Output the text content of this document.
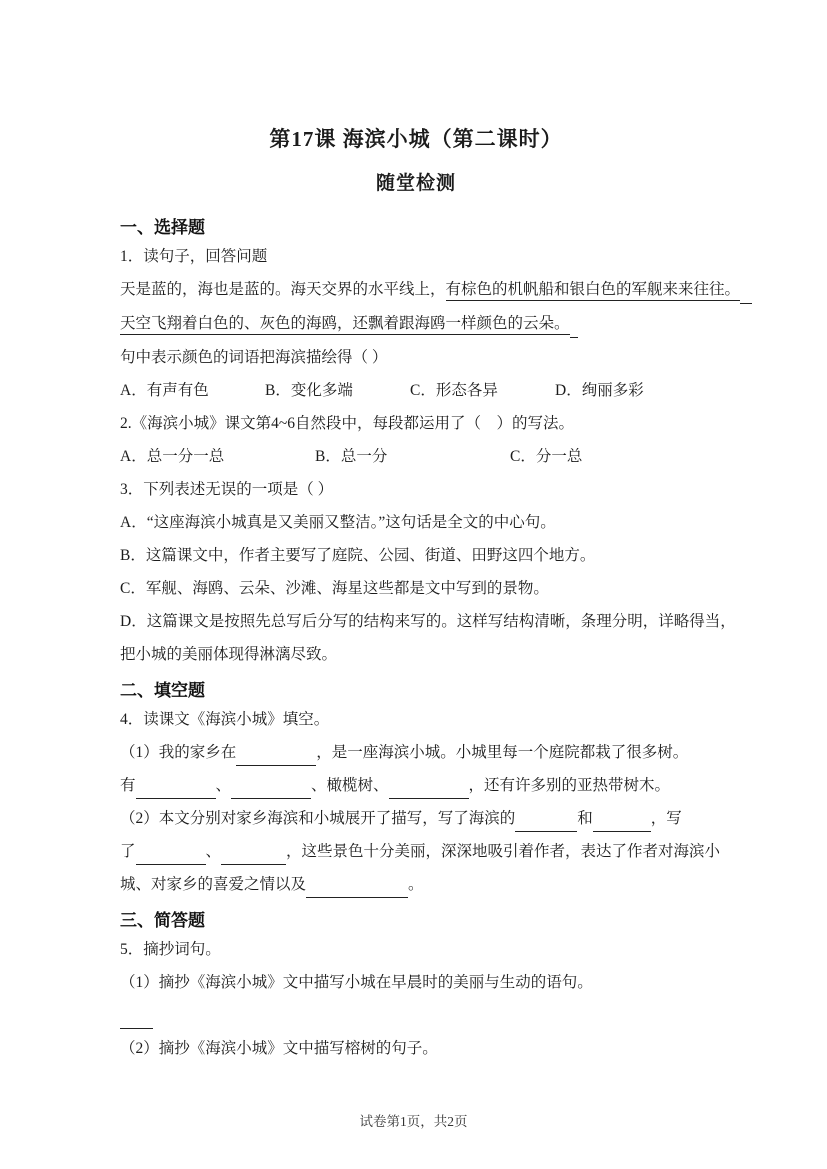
第17课 海滨小城（第二课时）
随堂检测
一、选择题

1．读句子，回答问题

天是蓝的，海也是蓝的。海天交界的水平线上，有棕色的机帆船和银白色的军舰来来往往。

天空飞翔着白色的、灰色的海鸥，还飘着跟海鸥一样颜色的云朵。

句中表示颜色的词语把海滨描绘得（ ）

A．有声有色	B．变化多端	C．形态各异	D．绚丽多彩

2.《海滨小城》课文第4~6自然段中，每段都运用了（　）的写法。

A．总一分一总	B．总一分	C．分一总

3．下列表述无误的一项是（ ）

A．“这座海滨小城真是又美丽又整洁。”这句话是全文的中心句。

B．这篇课文中，作者主要写了庭院、公园、街道、田野这四个地方。

C．军舰、海鸥、云朵、沙滩、海星这些都是文中写到的景物。

D．这篇课文是按照先总写后分写的结构来写的。这样写结构清晰，条理分明，详略得当，

把小城的美丽体现得淋漓尽致。

二、填空题

4．读课文《海滨小城》填空。

（1）我的家乡在	，是一座海滨小城。小城里每一个庭院都栽了很多树。

有	、	、橄榄树、	，还有许多别的亚热带树木。

（2）本文分别对家乡海滨和小城展开了描写，写了海滨的	和	，写

了	、	，这些景色十分美丽，深深地吸引着作者，表达了作者对海滨小

城、对家乡的喜爱之情以及	。

三、简答题

5．摘抄词句。

（1）摘抄《海滨小城》文中描写小城在早晨时的美丽与生动的语句。

（2）摘抄《海滨小城》文中描写榕树的句子。

试卷第1页，共2页
